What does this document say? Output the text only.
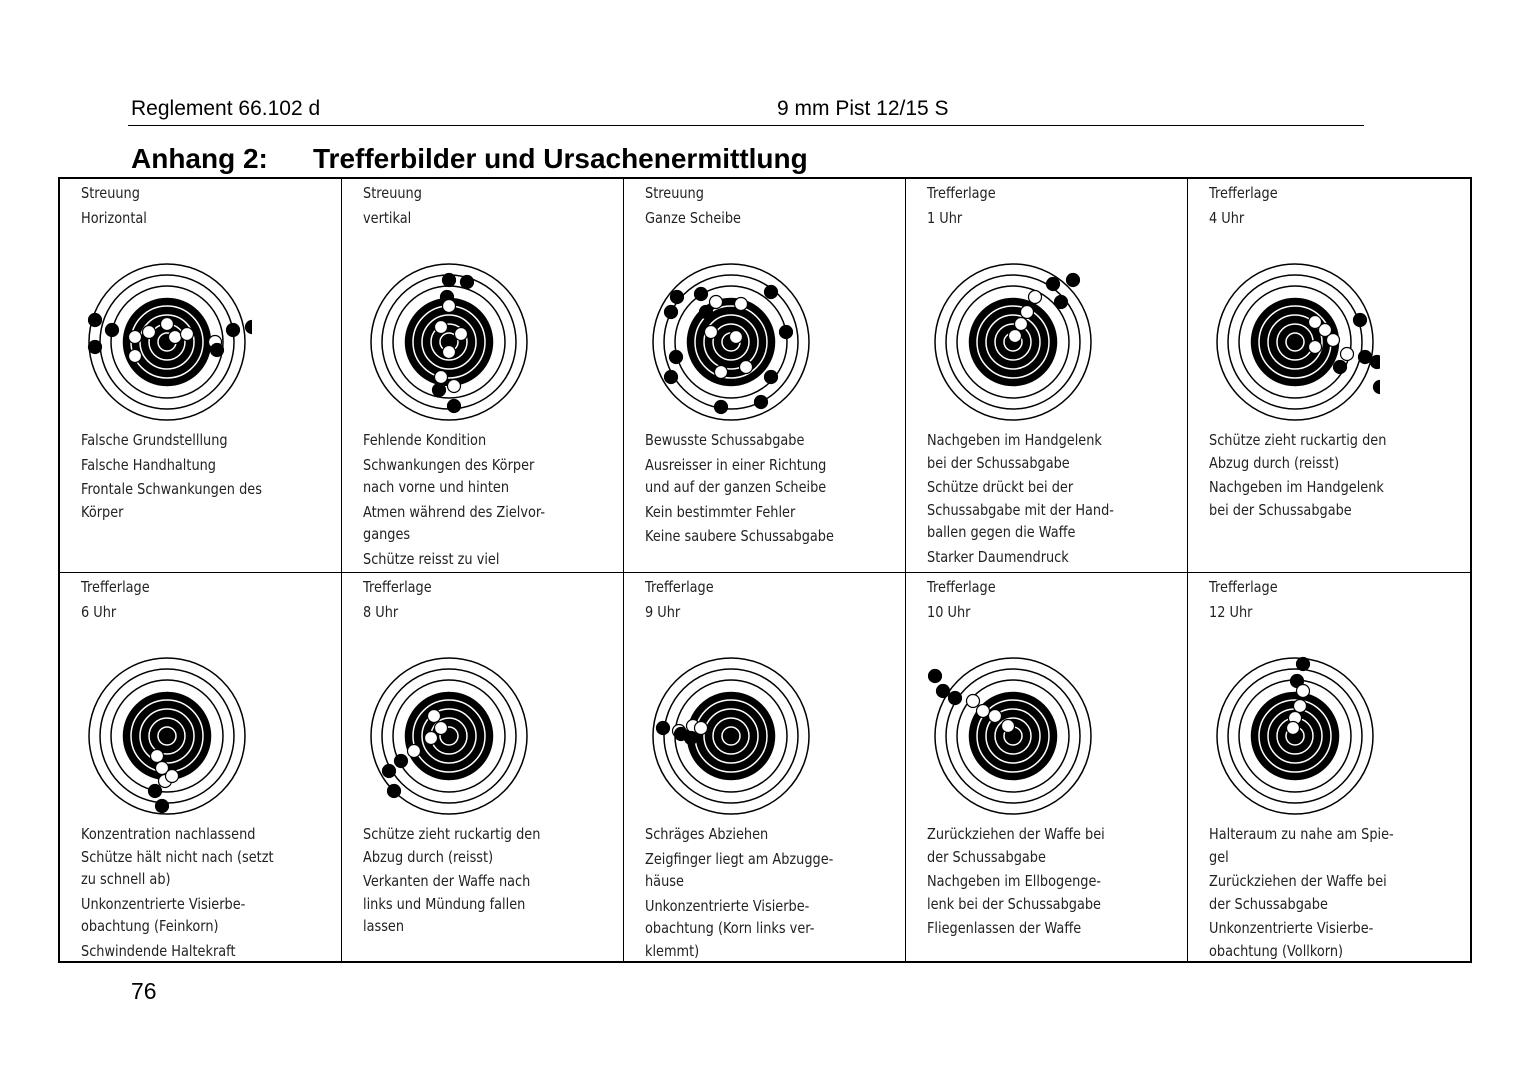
Reglement 66.102 d	9 mm Pist 12/15 S
Anhang 2: Trefferbilder und Ursachenermittlung
Streuung
Horizontal
Falsche Grundstelllung
Falsche Handhaltung
Frontale Schwankungen des
Körper
Streuung
vertikal
Fehlende Kondition
Schwankungen des Körper
nach vorne und hinten
Atmen während des Zielvor-
ganges
Schütze reisst zu viel
Streuung
Ganze Scheibe
Bewusste Schussabgabe
Ausreisser in einer Richtung
und auf der ganzen Scheibe
Kein bestimmter Fehler
Keine saubere Schussabgabe
Trefferlage
1 Uhr
Nachgeben im Handgelenk
bei der Schussabgabe
Schütze drückt bei der
Schussabgabe mit der Hand-
ballen gegen die Waffe
Starker Daumendruck
Trefferlage
4 Uhr
Schütze zieht ruckartig den
Abzug durch (reisst)
Nachgeben im Handgelenk
bei der Schussabgabe
Trefferlage
6 Uhr
Konzentration nachlassend
Schütze hält nicht nach (setzt
zu schnell ab)
Unkonzentrierte Visierbe-
obachtung (Feinkorn)
Schwindende Haltekraft
Trefferlage
8 Uhr
Schütze zieht ruckartig den
Abzug durch (reisst)
Verkanten der Waffe nach
links und Mündung fallen
lassen
Trefferlage
9 Uhr
Schräges Abziehen
Zeigfinger liegt am Abzugge-
häuse
Unkonzentrierte Visierbe-
obachtung (Korn links ver-
klemmt)
Trefferlage
10 Uhr
Zurückziehen der Waffe bei
der Schussabgabe
Nachgeben im Ellbogenge-
lenk bei der Schussabgabe
Fliegenlassen der Waffe
Trefferlage
12 Uhr
Halteraum zu nahe am Spie-
gel
Zurückziehen der Waffe bei
der Schussabgabe
Unkonzentrierte Visierbe-
obachtung (Vollkorn)
76
